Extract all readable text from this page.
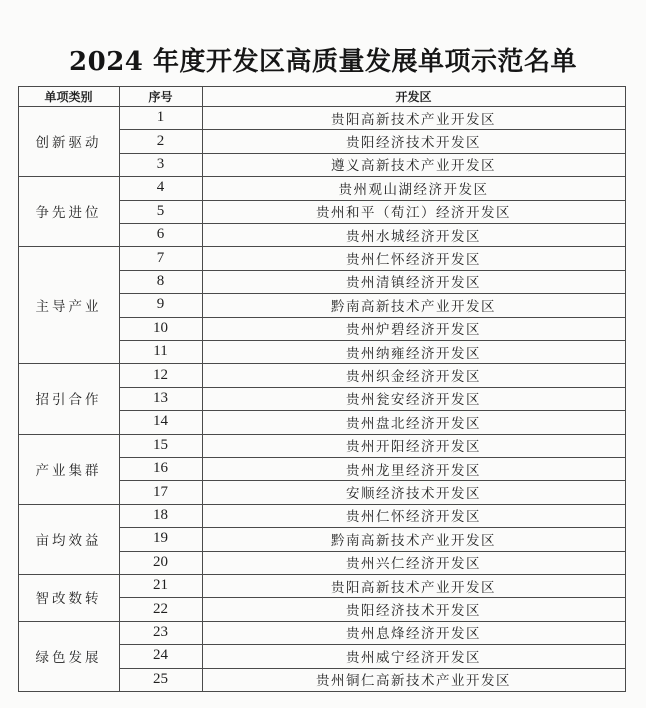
2024 年度开发区高质量发展单项示范名单
单项类别	序号	开发区
创新驱动
1	贵阳高新技术产业开发区
2	贵阳经济技术开发区
3	遵义高新技术产业开发区
争先进位
4	贵州观山湖经济开发区
5	贵州和平（荀江）经济开发区
6	贵州水城经济开发区
主导产业
7	贵州仁怀经济开发区
8	贵州清镇经济开发区
9	黔南高新技术产业开发区
10	贵州炉碧经济开发区
11	贵州纳雍经济开发区
招引合作
12	贵州织金经济开发区
13	贵州瓮安经济开发区
14	贵州盘北经济开发区
产业集群
15	贵州开阳经济开发区
16	贵州龙里经济开发区
17	安顺经济技术开发区
亩均效益
18	贵州仁怀经济开发区
19	黔南高新技术产业开发区
20	贵州兴仁经济开发区
智改数转
21	贵阳高新技术产业开发区
22	贵阳经济技术开发区
绿色发展
23	贵州息烽经济开发区
24	贵州威宁经济开发区
25	贵州铜仁高新技术产业开发区
